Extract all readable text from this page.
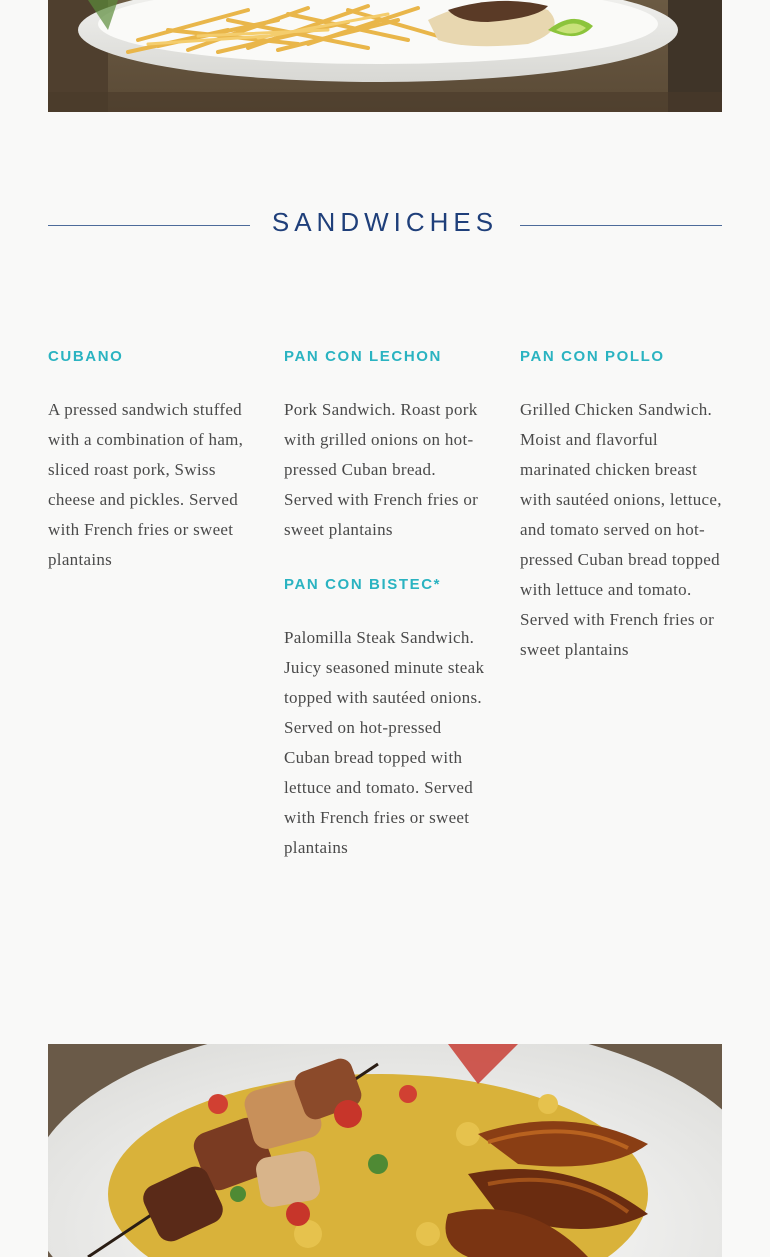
SANDWICHES
CUBANO

A pressed sandwich stuffed with a combination of ham, sliced roast pork, Swiss cheese and pickles. Served with French fries or sweet plantains

PAN CON LECHON

Pork Sandwich. Roast pork with grilled onions on hot-pressed Cuban bread. Served with French fries or sweet plantains

PAN CON BISTEC*

Palomilla Steak Sandwich. Juicy seasoned minute steak topped with sautéed onions. Served on hot-pressed Cuban bread topped with lettuce and tomato. Served with French fries or sweet plantains

PAN CON POLLO

Grilled Chicken Sandwich. Moist and flavorful marinated chicken breast with sautéed onions, lettuce, and tomato served on hot-pressed Cuban bread topped with lettuce and tomato.

Served with French fries or sweet plantains
